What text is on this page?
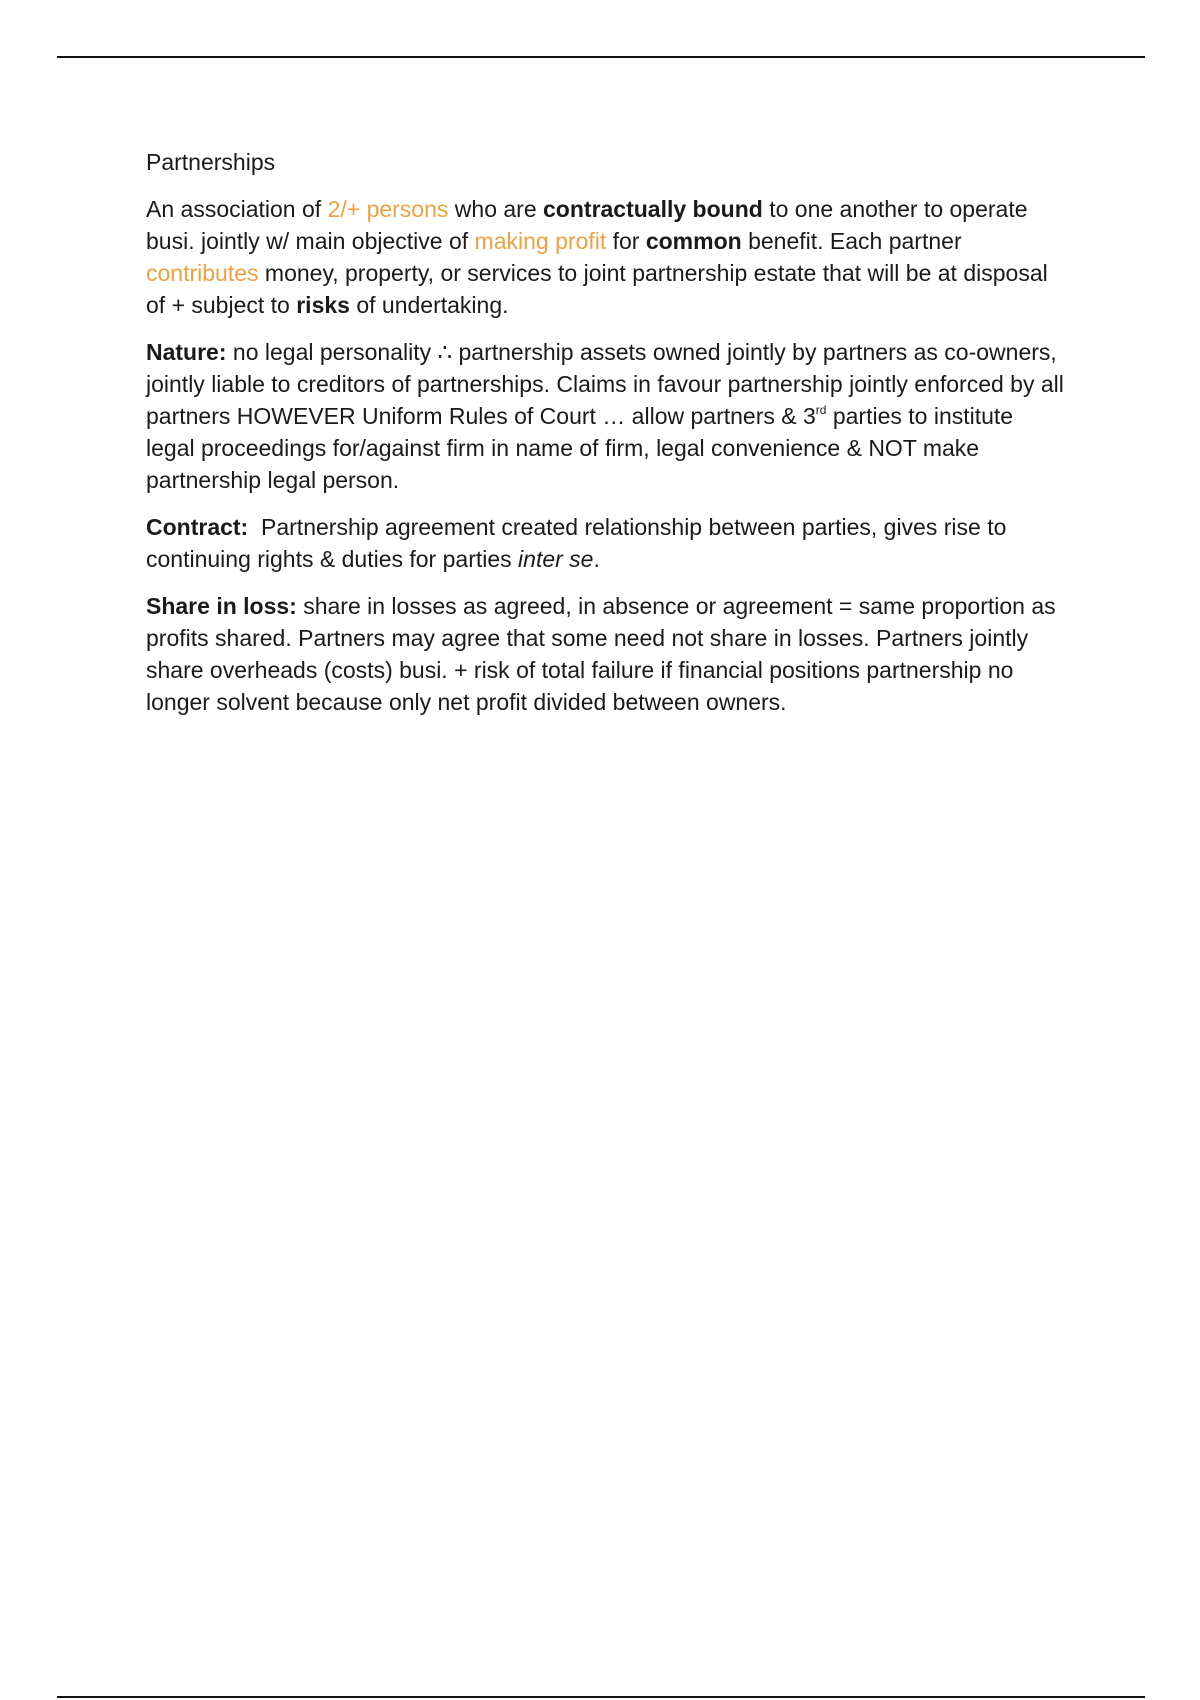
Partnerships

An association of 2/+ persons who are contractually bound to one another to operate busi. jointly w/ main objective of making profit for common benefit. Each partner contributes money, property, or services to joint partnership estate that will be at disposal of + subject to risks of undertaking.

Nature: no legal personality ∴ partnership assets owned jointly by partners as co-owners, jointly liable to creditors of partnerships. Claims in favour partnership jointly enforced by all partners HOWEVER Uniform Rules of Court … allow partners & 3rd parties to institute legal proceedings for/against firm in name of firm, legal convenience & NOT make partnership legal person.

Contract:  Partnership agreement created relationship between parties, gives rise to continuing rights & duties for parties inter se.

Share in loss: share in losses as agreed, in absence or agreement = same proportion as profits shared. Partners may agree that some need not share in losses. Partners jointly share overheads (costs) busi. + risk of total failure if financial positions partnership no longer solvent because only net profit divided between owners.
